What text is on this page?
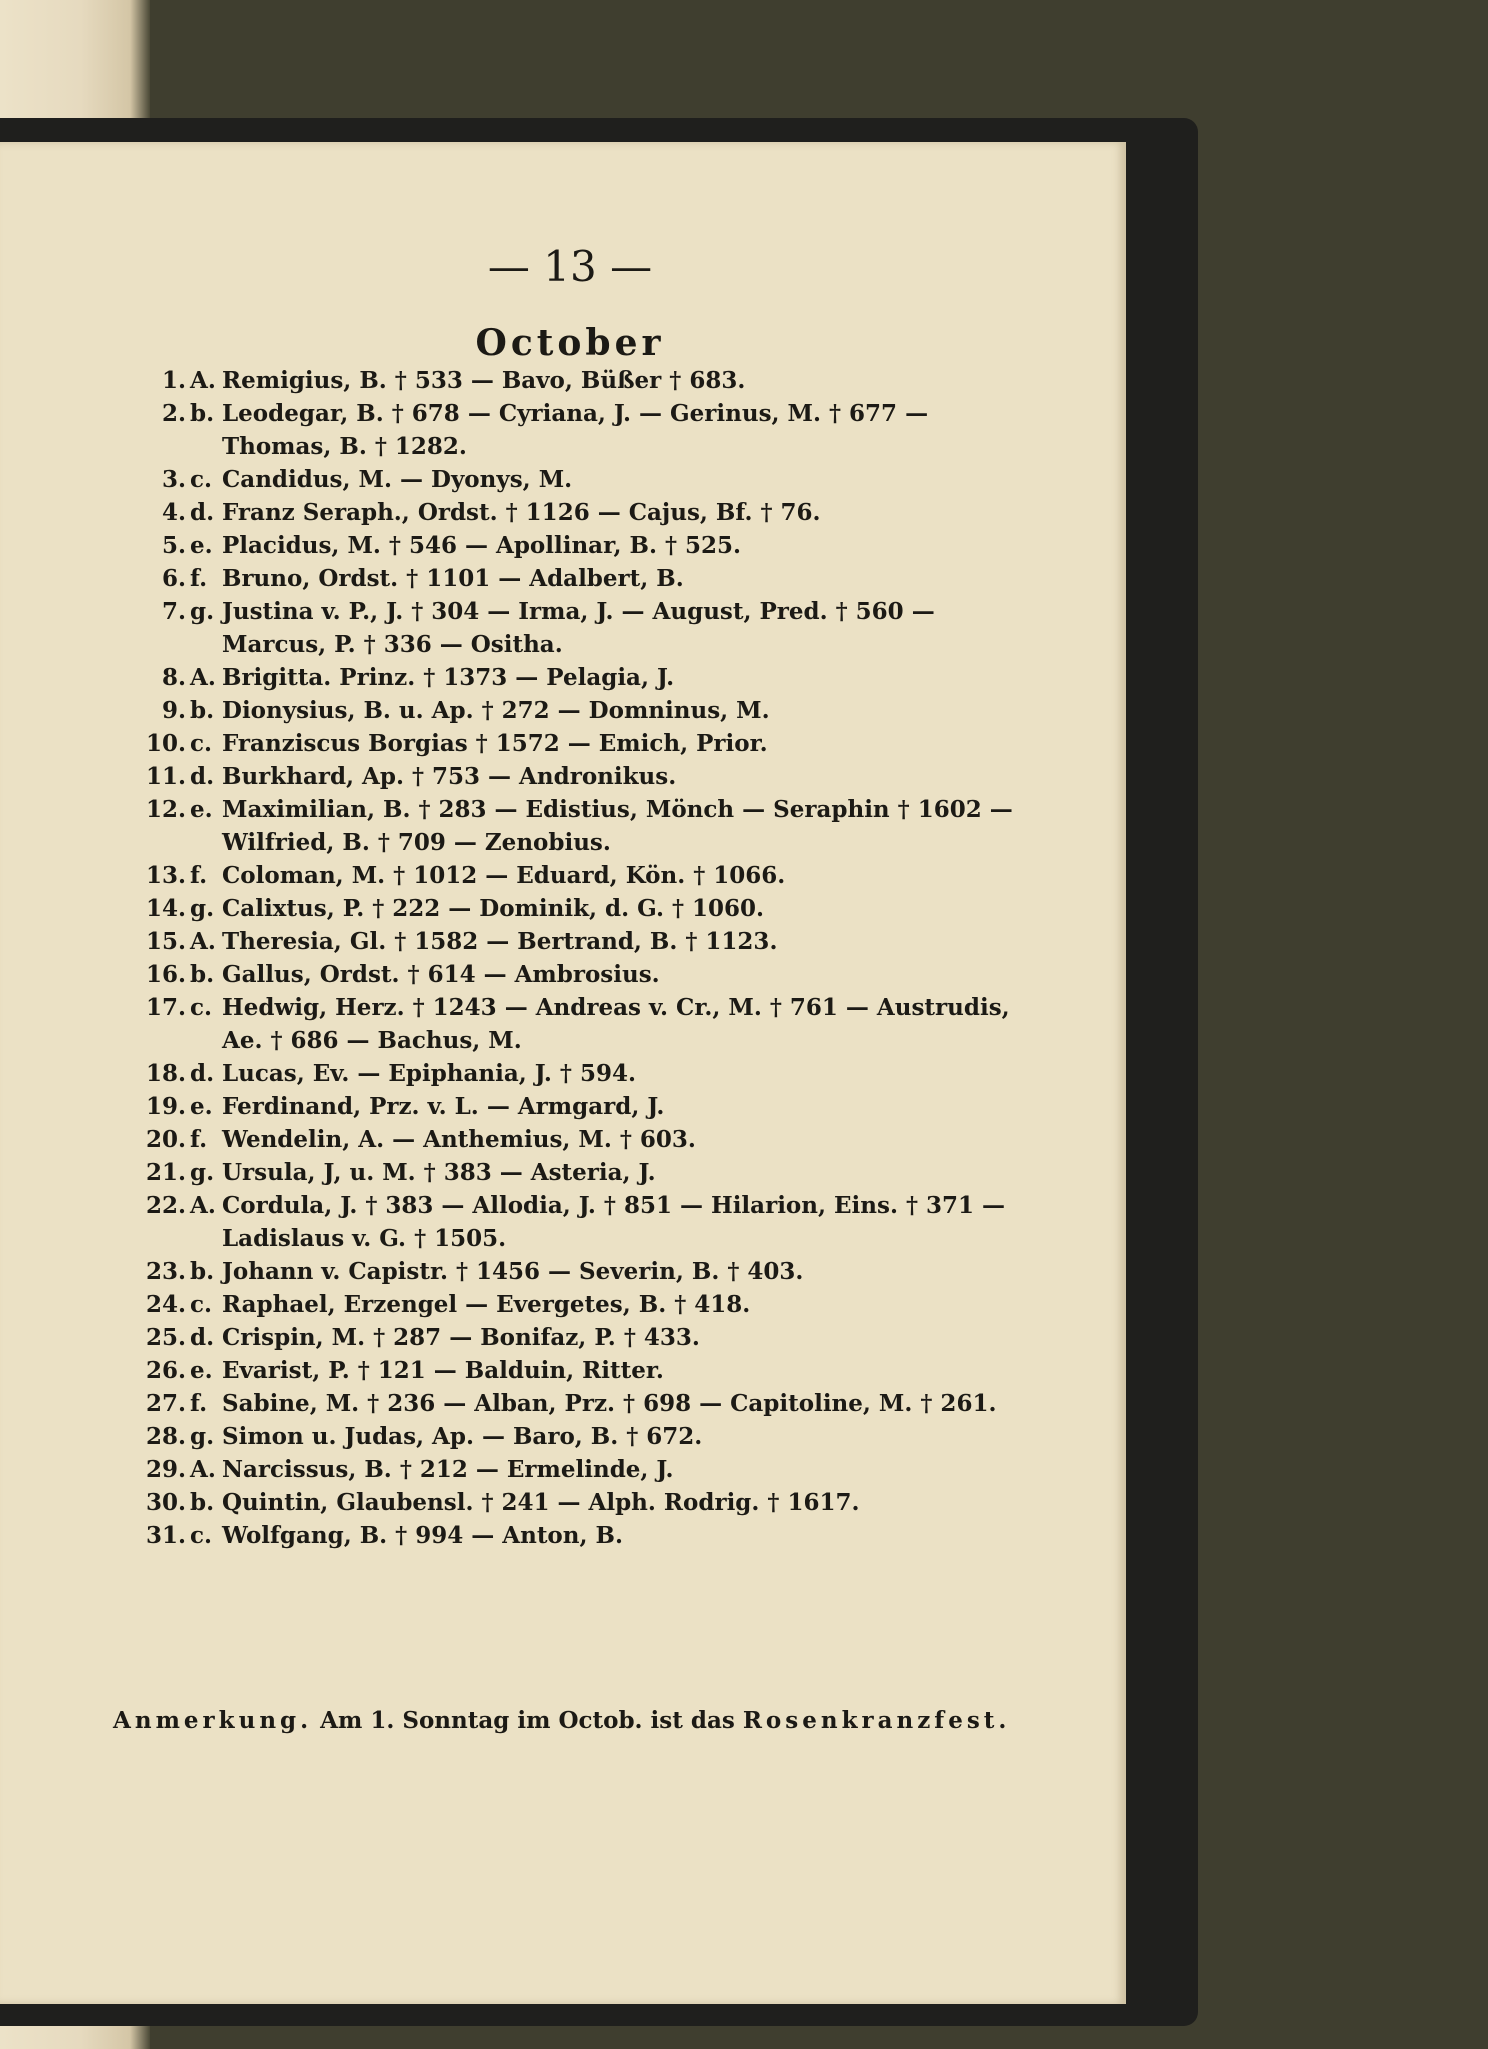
— 13 —
October
1. A. Remigius, B. † 533 — Bavo, Büßer † 683.
2. b. Leodegar, B. † 678 — Cyriana, J. — Gerinus, M. † 677 — Thomas, B. † 1282.
3. c. Candidus, M. — Dyonys, M.
4. d. Franz Seraph., Ordst. † 1126 — Cajus, Bf. † 76.
5. e. Placidus, M. † 546 — Apollinar, B. † 525.
6. f. Bruno, Ordst. † 1101 — Adalbert, B.
7. g. Justina v. P., J. † 304 — Irma, J. — August, Pred. † 560 — Marcus, P. † 336 — Ositha.
8. A. Brigitta. Prinz. † 1373 — Pelagia, J.
9. b. Dionysius, B. u. Ap. † 272 — Domninus, M.
10. c. Franziscus Borgias † 1572 — Emich, Prior.
11. d. Burkhard, Ap. † 753 — Andronikus.
12. e. Maximilian, B. † 283 — Edistius, Mönch — Seraphin † 1602 — Wilfried, B. † 709 — Zenobius.
13. f. Coloman, M. † 1012 — Eduard, Kön. † 1066.
14. g. Calixtus, P. † 222 — Dominik, d. G. † 1060.
15. A. Theresia, Gl. † 1582 — Bertrand, B. † 1123.
16. b. Gallus, Ordst. † 614 — Ambrosius.
17. c. Hedwig, Herz. † 1243 — Andreas v. Cr., M. † 761 — Austrudis, Ae. † 686 — Bachus, M.
18. d. Lucas, Ev. — Epiphania, J. † 594.
19. e. Ferdinand, Prz. v. L. — Armgard, J.
20. f. Wendelin, A. — Anthemius, M. † 603.
21. g. Ursula, J, u. M. † 383 — Asteria, J.
22. A. Cordula, J. † 383 — Allodia, J. † 851 — Hilarion, Eins. † 371 — Ladislaus v. G. † 1505.
23. b. Johann v. Capistr. † 1456 — Severin, B. † 403.
24. c. Raphael, Erzengel — Evergetes, B. † 418.
25. d. Crispin, M. † 287 — Bonifaz, P. † 433.
26. e. Evarist, P. † 121 — Balduin, Ritter.
27. f. Sabine, M. † 236 — Alban, Prz. † 698 — Capitoline, M. † 261.
28. g. Simon u. Judas, Ap. — Baro, B. † 672.
29. A. Narcissus, B. † 212 — Ermelinde, J.
30. b. Quintin, Glaubensl. † 241 — Alph. Rodrig. † 1617.
31. c. Wolfgang, B. † 994 — Anton, B.
Anmerkung. Am 1. Sonntag im Octob. ist das Rosenkranzfest.
